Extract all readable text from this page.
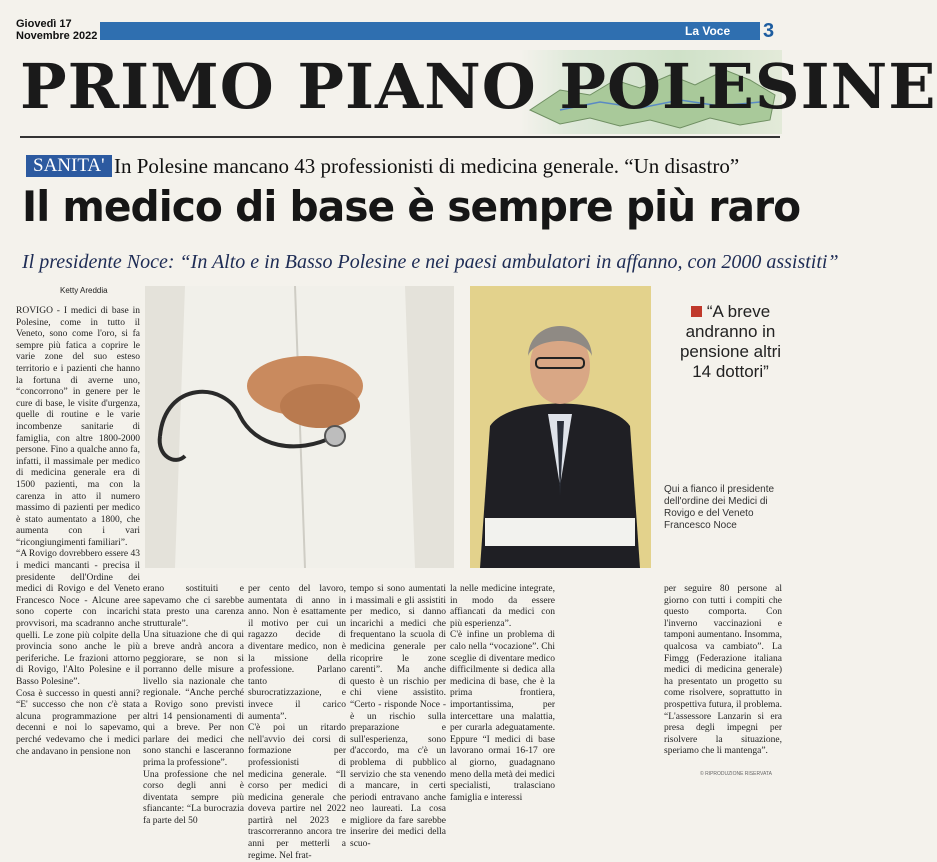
Giovedì 17
Novembre 2022	La Voce 3
PRIMO PIANO POLESINE
SANITA' In Polesine mancano 43 professionisti di medicina generale. “Un disastro”
Il medico di base è sempre più raro
Il presidente Noce: “In Alto e in Basso Polesine e nei paesi ambulatori in affanno, con 2000 assistiti”
Ketty Areddia

ROVIGO - I medici di base in Polesine, come in tutto il Veneto, sono come l'oro, si fa sempre più fatica a coprire le varie zone del suo esteso territorio e i pazienti che hanno la fortuna di averne uno, “concorrono” in genere per le cure di base, le visite d'urgenza, quelle di routine e le varie incombenze sanitarie di famiglia, con altre 1800-2000 persone. Fino a qualche anno fa, infatti, il massimale per medico di medicina generale era di 1500 pazienti, ma con la carenza in atto il numero massimo di pazienti per medico è stato aumentato a 1800, che aumenta con i vari “ricongiungimenti familiari”.

“A Rovigo dovrebbero essere 43 i medici mancanti - precisa il presidente dell'Ordine dei medici di Rovigo e del Veneto Francesco Noce - Alcune aree sono coperte con incarichi provvisori, ma scadranno anche quelli. Le zone più colpite della provincia sono anche le più periferiche. Le frazioni attorno di Rovigo, l'Alto Polesine e il Basso Polesine”.

Cosa è successo in questi anni? “E' successo che non c'è stata alcuna programmazione per decenni e noi lo sapevamo, perché vedevamo che i medici che andavano in pensione non

“A breve andranno in pensione altri 14 dottori”
Qui a fianco il presidente dell'ordine dei Medici di Rovigo e del Veneto Francesco Noce

erano sostituiti e sapevamo che ci sarebbe stata presto una carenza strutturale”.

Una situazione che di qui a breve andrà ancora a peggiorare, se non si porranno delle misure a livello sia nazionale che regionale. “Anche perché a Rovigo sono previsti altri 14 pensionamenti di qui a breve. Per non parlare dei medici che sono stanchi e lasceranno prima la professione”.

Una professione che nel corso degli anni è diventata sempre più sfiancante: “La burocrazia fa parte del 50

per cento del lavoro, aumentata di anno in anno. Non è esattamente il motivo per cui un ragazzo decide di diventare medico, non è la missione della professione. Parlano tanto di sburocratizzazione, e invece il carico aumenta”.

C'è poi un ritardo nell'avvio dei corsi di formazione per professionisti di medicina generale. “Il corso per medici di medicina generale che doveva partire nel 2022 partirà nel 2023 e trascorreranno ancora tre anni per metterli a regime. Nel frat-

tempo si sono aumentati i massimali e gli assistiti per medico, si danno incarichi a medici che frequentano la scuola di medicina generale per ricoprire le zone carenti”. Ma anche questo è un rischio per chi viene assistito. “Certo - risponde Noce - è un rischio sulla preparazione e sull'esperienza, sono d'accordo, ma c'è un problema di pubblico servizio che sta venendo a mancare, in certi periodi entravano anche neo laureati. La cosa migliore da fare sarebbe inserire dei medici della scuo-

la nelle medicine integrate, in modo da essere affiancati da medici con più esperienza”.

C'è infine un problema di calo nella “vocazione”. Chi sceglie di diventare medico difficilmente si dedica alla medicina di base, che è la prima frontiera, importantissima, per intercettare una malattia, per curarla adeguatamente. Eppure “I medici di base lavorano ormai 16-17 ore al giorno, guadagnano meno della metà dei medici specialisti, tralasciano famiglia e interessi

per seguire 80 persone al giorno con tutti i compiti che questo comporta. Con l'inverno vaccinazioni e tamponi aumentano. Insomma, qualcosa va cambiato”. La Fimgg (Federazione italiana medici di medicina generale) ha presentato un progetto su come risolvere, soprattutto in prospettiva futura, il problema. “L'assessore Lanzarin si era presa degli impegni per risolvere la situazione, speriamo che li mantenga”.

© RIPRODUZIONE RISERVATA
